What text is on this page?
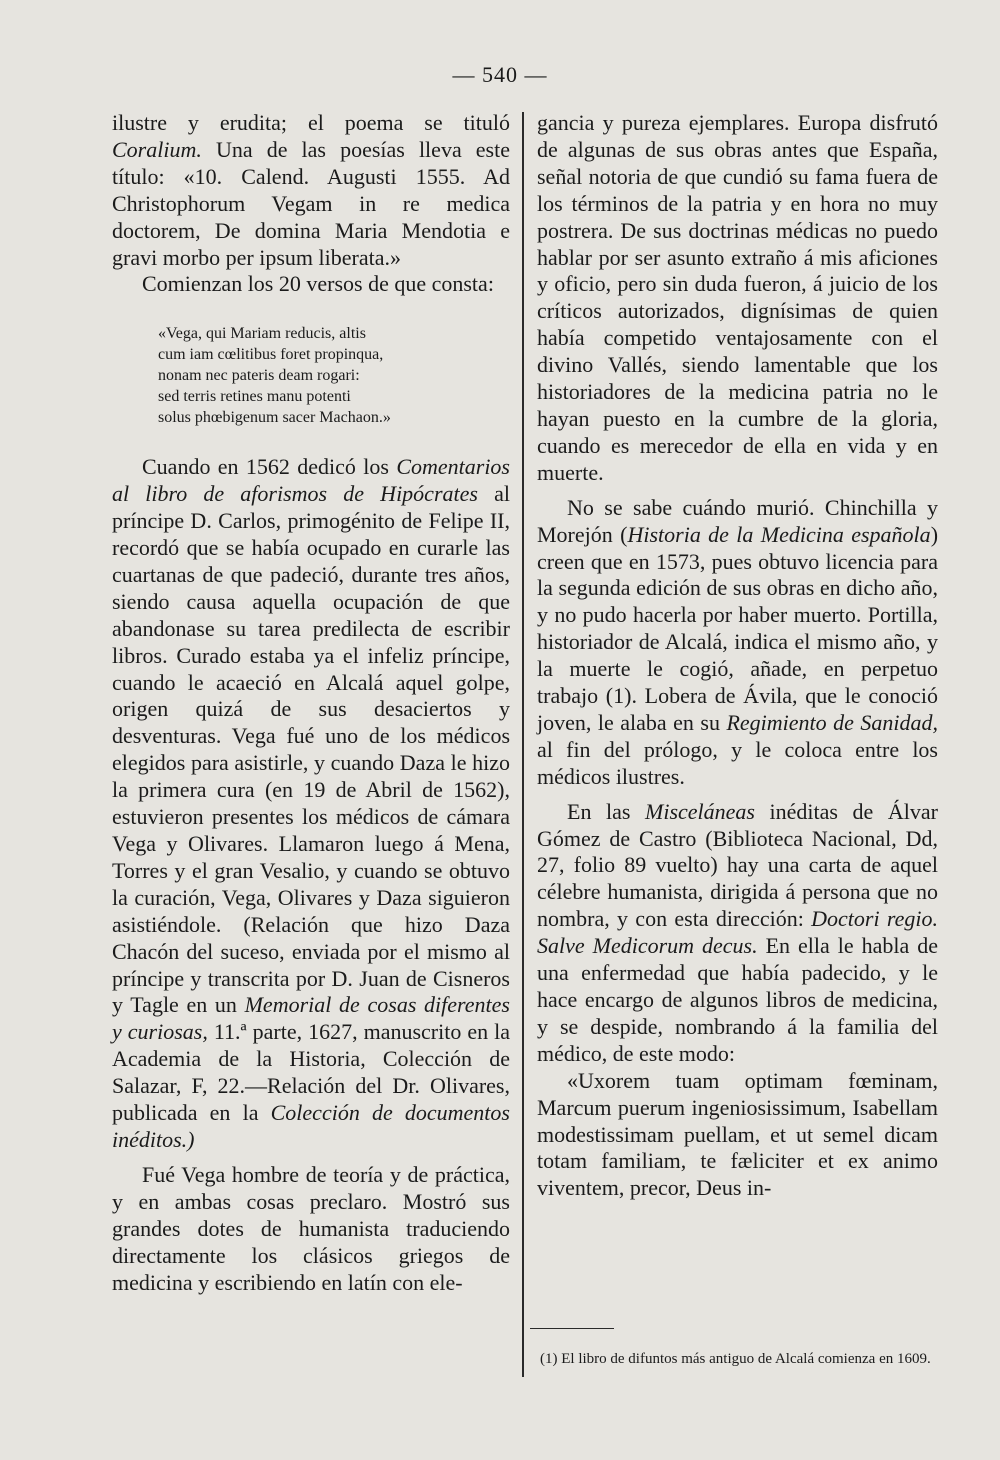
— 540 —

ilustre y erudita; el poema se tituló Coralium. Una de las poesías lleva este título: «10. Calend. Augusti 1555. Ad Christophorum Vegam in re medica doctorem, De domina Maria Mendotia e gravi morbo per ipsum liberata.»

Comienzan los 20 versos de que consta:

«Vega, qui Mariam reducis, altis
cum iam cœlitibus foret propinqua,
nonam nec pateris deam rogari:
sed terris retines manu potenti
solus phœbigenum sacer Machaon.»

Cuando en 1562 dedicó los Comentarios al libro de aforismos de Hipócrates al príncipe D. Carlos, primogénito de Felipe II, recordó que se había ocupado en curarle las cuartanas de que padeció, durante tres años, siendo causa aquella ocupación de que abandonase su tarea predilecta de escribir libros. Curado estaba ya el infeliz príncipe, cuando le acaeció en Alcalá aquel golpe, origen quizá de sus desaciertos y desventuras. Vega fué uno de los médicos elegidos para asistirle, y cuando Daza le hizo la primera cura (en 19 de Abril de 1562), estuvieron presentes los médicos de cámara Vega y Olivares. Llamaron luego á Mena, Torres y el gran Vesalio, y cuando se obtuvo la curación, Vega, Olivares y Daza siguieron asistiéndole. (Relación que hizo Daza Chacón del suceso, enviada por el mismo al príncipe y transcrita por D. Juan de Cisneros y Tagle en un Memorial de cosas diferentes y curiosas, 11.ª parte, 1627, manuscrito en la Academia de la Historia, Colección de Salazar, F, 22.—Relación del Dr. Olivares, publicada en la Colección de documentos inéditos.)

Fué Vega hombre de teoría y de práctica, y en ambas cosas preclaro. Mostró sus grandes dotes de humanista traduciendo directamente los clásicos griegos de medicina y escribiendo en latín con ele-

gancia y pureza ejemplares. Europa disfrutó de algunas de sus obras antes que España, señal notoria de que cundió su fama fuera de los términos de la patria y en hora no muy postrera. De sus doctrinas médicas no puedo hablar por ser asunto extraño á mis aficiones y oficio, pero sin duda fueron, á juicio de los críticos autorizados, dignísimas de quien había competido ventajosamente con el divino Vallés, siendo lamentable que los historiadores de la medicina patria no le hayan puesto en la cumbre de la gloria, cuando es merecedor de ella en vida y en muerte.

No se sabe cuándo murió. Chinchilla y Morejón (Historia de la Medicina española) creen que en 1573, pues obtuvo licencia para la segunda edición de sus obras en dicho año, y no pudo hacerla por haber muerto. Portilla, historiador de Alcalá, indica el mismo año, y la muerte le cogió, añade, en perpetuo trabajo (1). Lobera de Ávila, que le conoció joven, le alaba en su Regimiento de Sanidad, al fin del prólogo, y le coloca entre los médicos ilustres.

En las Misceláneas inéditas de Álvar Gómez de Castro (Biblioteca Nacional, Dd, 27, folio 89 vuelto) hay una carta de aquel célebre humanista, dirigida á persona que no nombra, y con esta dirección: Doctori regio. Salve Medicorum decus. En ella le habla de una enfermedad que había padecido, y le hace encargo de algunos libros de medicina, y se despide, nombrando á la familia del médico, de este modo:

«Uxorem tuam optimam fœminam, Marcum puerum ingeniosissimum, Isabellam modestissimam puellam, et ut semel dicam totam familiam, te fæliciter et ex animo viventem, precor, Deus in-

(1) El libro de difuntos más antiguo de Alcalá comienza en 1609.
